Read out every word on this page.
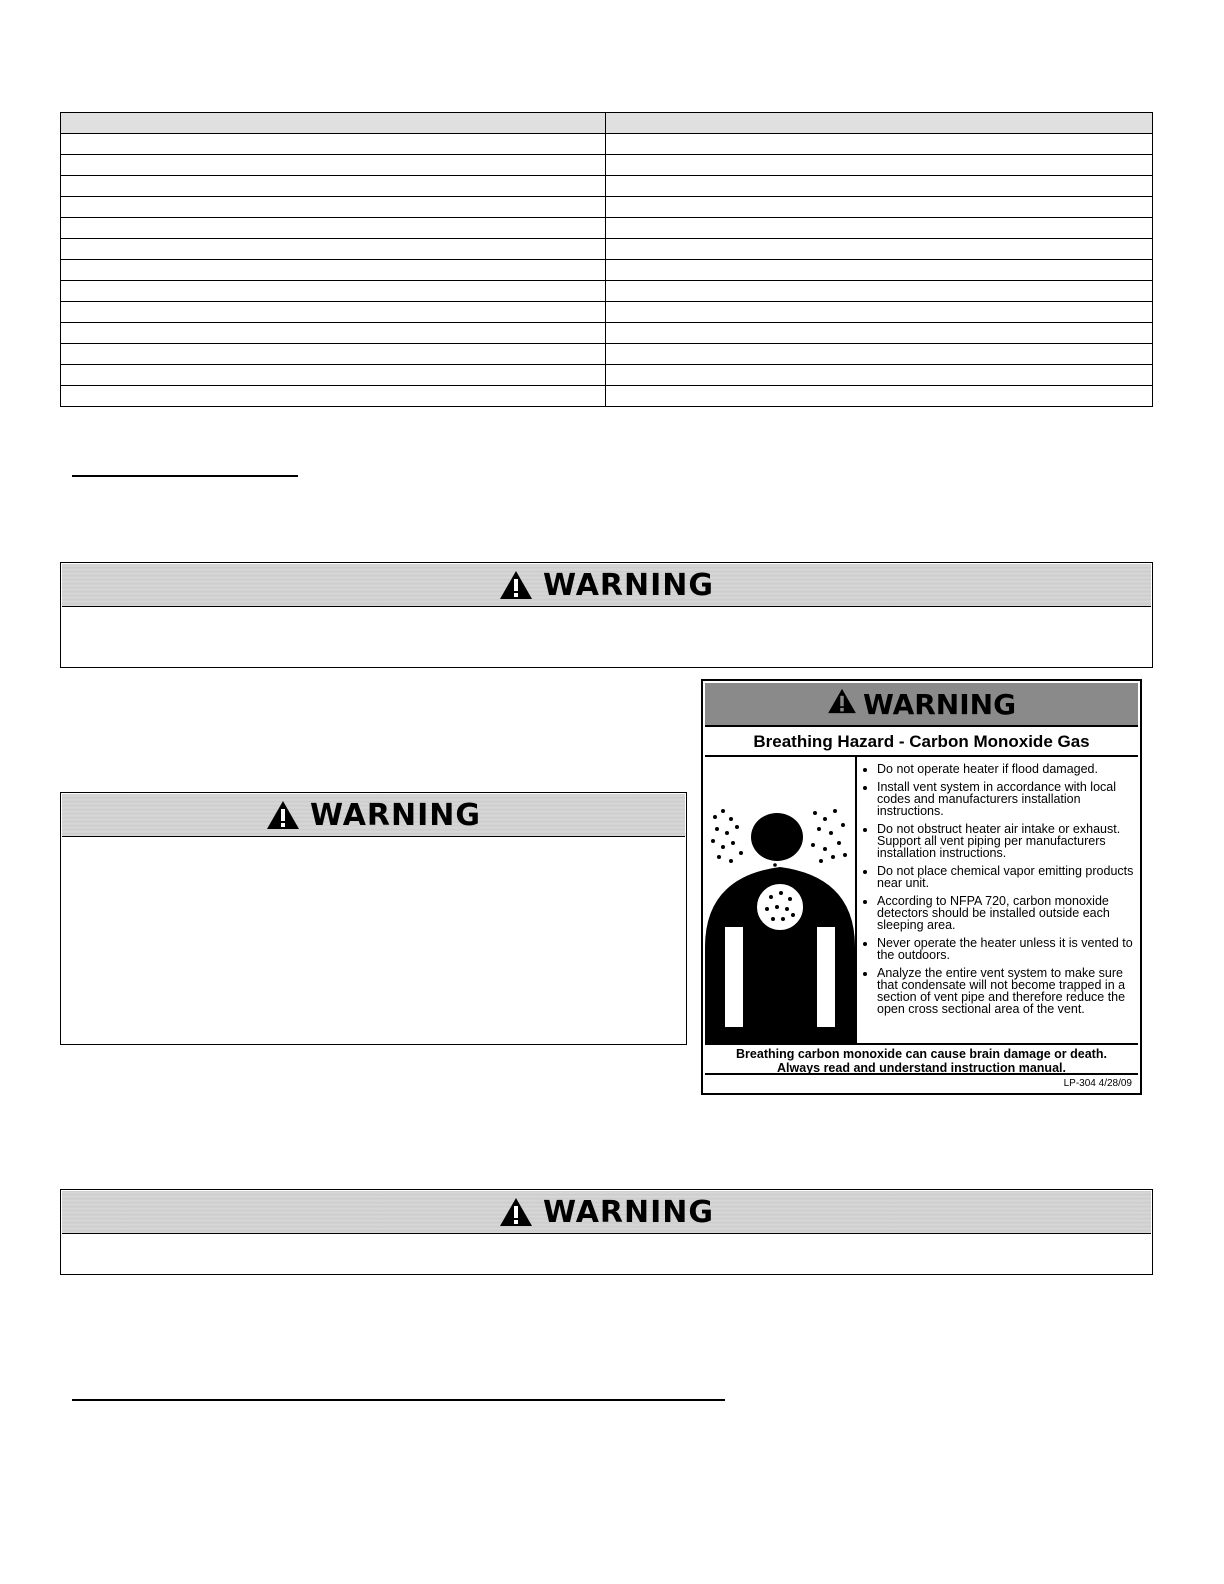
WARNING
WARNING
WARNING
Breathing Hazard - Carbon Monoxide Gas
• Do not operate heater if flood damaged.
• Install vent system in accordance with local codes and manufacturers installation instructions.
• Do not obstruct heater air intake or exhaust. Support all vent piping per manufacturers installation instructions.
• Do not place chemical vapor emitting products near unit.
• According to NFPA 720, carbon monoxide detectors should be installed outside each sleeping area.
• Never operate the heater unless it is vented to the outdoors.
• Analyze the entire vent system to make sure that condensate will not become trapped in a section of vent pipe and therefore reduce the open cross sectional area of the vent.
Breathing carbon monoxide can cause brain damage or death.
Always read and understand instruction manual.
LP-304 4/28/09
WARNING
